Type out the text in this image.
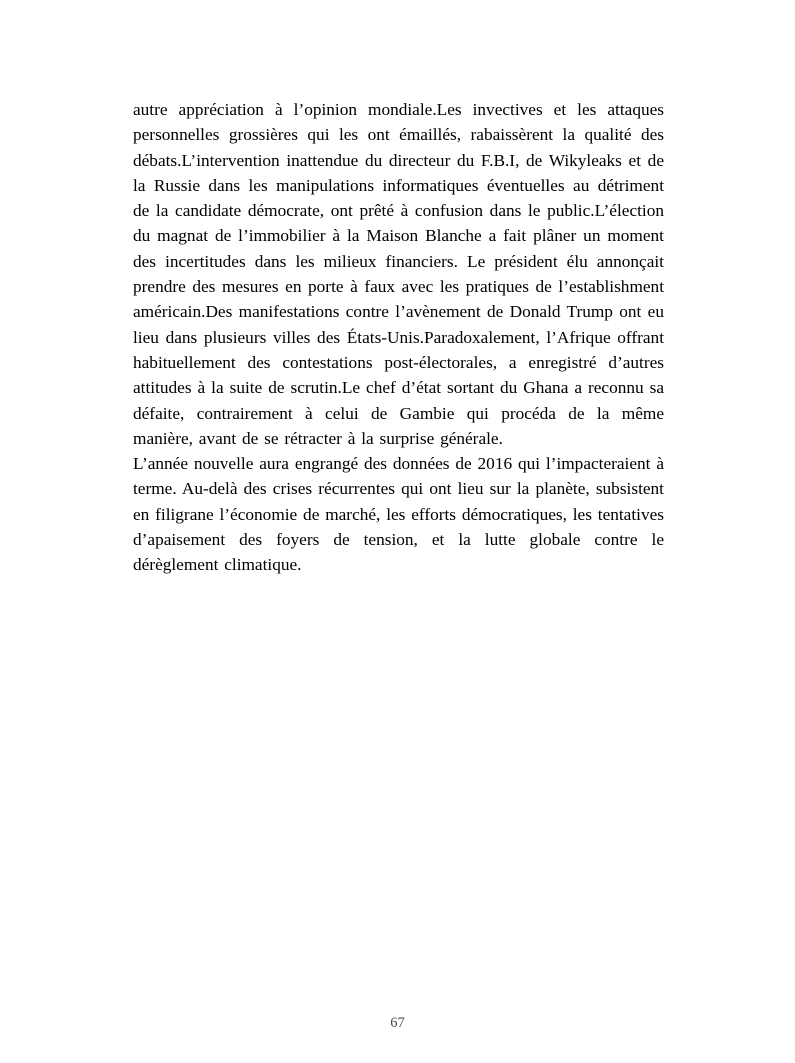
autre appréciation à l’opinion mondiale.Les invectives et les attaques personnelles grossières qui les ont émaillés, rabaissèrent la qualité des débats.L’intervention inattendue du directeur du F.B.I, de Wikyleaks et de la Russie dans les manipulations informatiques éventuelles au détriment de la candidate démocrate, ont prêté à confusion dans le public.L’élection du magnat de l’immobilier à la Maison Blanche a fait plâner un moment des incertitudes dans les milieux financiers. Le président élu annonçait prendre des mesures en porte à faux avec les pratiques de l’establishment américain.Des manifestations contre l’avènement de Donald Trump ont eu lieu dans plusieurs villes des États-Unis.Paradoxalement, l’Afrique offrant habituellement des contestations post-électorales, a enregistré d’autres attitudes à la suite de scrutin.Le chef d’état sortant du Ghana a reconnu sa défaite, contrairement à celui de Gambie qui procéda de la même manière, avant de se rétracter à la surprise générale.

L’année nouvelle aura engrangé des données de 2016 qui l’impacteraient à terme. Au-delà des crises récurrentes qui ont lieu sur la planète, subsistent en filigrane l’économie de marché, les efforts démocratiques, les tentatives d’apaisement des foyers de tension, et la lutte globale contre le dérèglement climatique.

67
